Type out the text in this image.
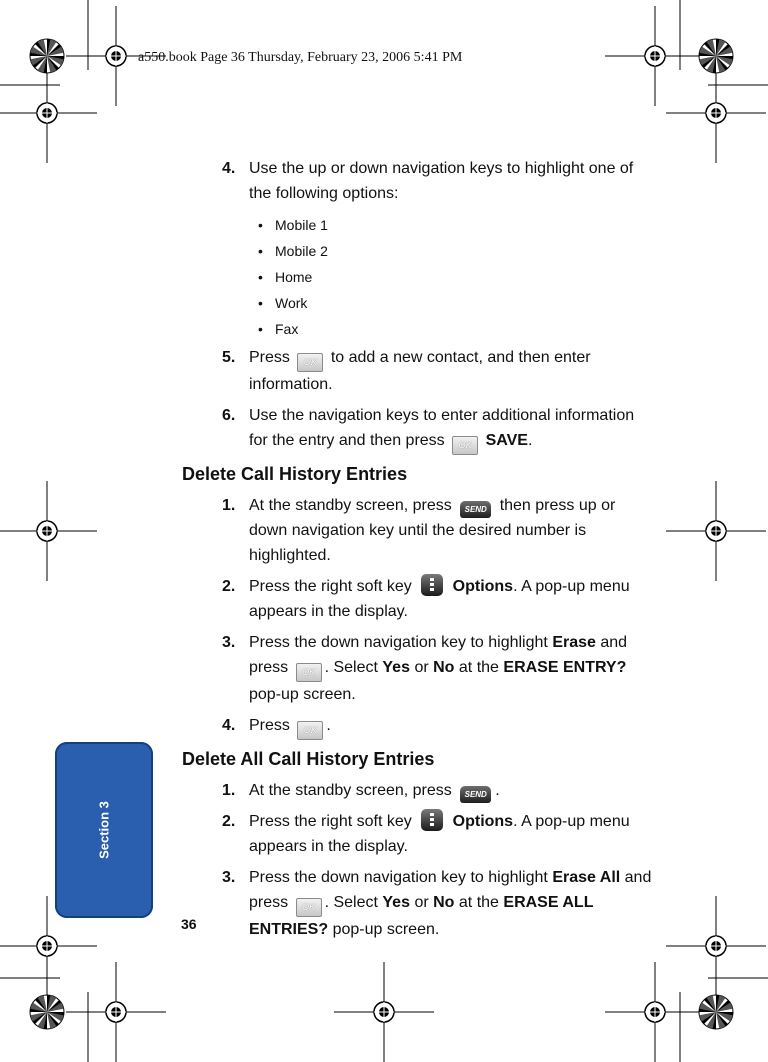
a550.book Page 36 Thursday, February 23, 2006 5:41 PM
4. Use the up or down navigation keys to highlight one of the following options:
• Mobile 1
• Mobile 2
• Home
• Work
• Fax
5. Press OK to add a new contact, and then enter information.
6. Use the navigation keys to enter additional information for the entry and then press OK SAVE.
Delete Call History Entries
1. At the standby screen, press SEND then press up or down navigation key until the desired number is highlighted.
2. Press the right soft key	Options. A pop-up menu appears in the display.
3. Press the down navigation key to highlight Erase and press OK . Select Yes or No at the ERASE ENTRY? pop-up screen.
4. Press OK .
Delete All Call History Entries
1. At the standby screen, press SEND .
2. Press the right soft key	Options. A pop-up menu appears in the display.
3. Press the down navigation key to highlight Erase All and press OK . Select Yes or No at the ERASE ALL ENTRIES? pop-up screen.
Section 3
36
